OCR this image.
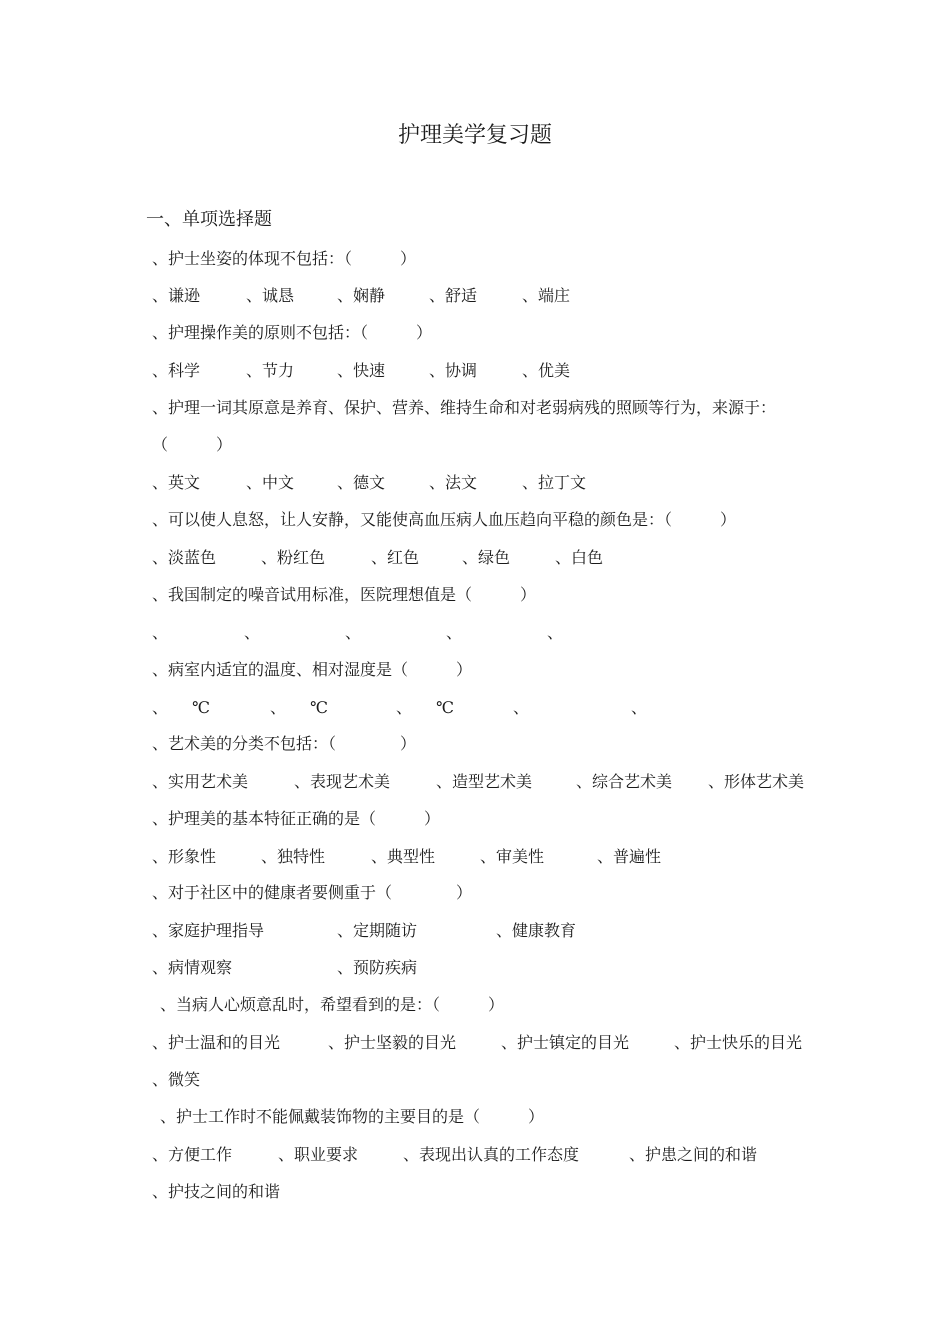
护理美学复习题
一、单项选择题
、护士坐姿的体现不包括：（　　　）
、谦逊	、诚恳	、娴静	、舒适	、端庄
、护理操作美的原则不包括：（　　　）
、科学	、节力	、快速	、协调	、优美
、护理一词其原意是养育、保护、营养、维持生命和对老弱病残的照顾等行为，来源于：
（　　　）
、英文	、中文	、德文	、法文	、拉丁文
、可以使人息怒，让人安静，又能使高血压病人血压趋向平稳的颜色是：（　　　）
、淡蓝色	、粉红色	、红色	、绿色	、白色
、我国制定的噪音试用标准，医院理想值是（　　　）
、	、	、	、	、
、病室内适宜的温度、相对湿度是（　　　）
、　　℃	、　　℃	、　　℃	、	、
、艺术美的分类不包括：（　　　　）
、实用艺术美	、表现艺术美	、造型艺术美	、综合艺术美 、形体艺术美
、护理美的基本特征正确的是（　　　）
、形象性	、独特性	、典型性	、审美性	、普遍性
、对于社区中的健康者要侧重于（　　　　）
、家庭护理指导	、定期随访	、健康教育
、病情观察	、预防疾病
、当病人心烦意乱时，希望看到的是：（　　　）
、护士温和的目光	、护士坚毅的目光	、护士镇定的目光	、护士快乐的目光
、微笑
、护士工作时不能佩戴装饰物的主要目的是（　　　）
、方便工作	、职业要求	、表现出认真的工作态度	、护患之间的和谐
、护技之间的和谐
